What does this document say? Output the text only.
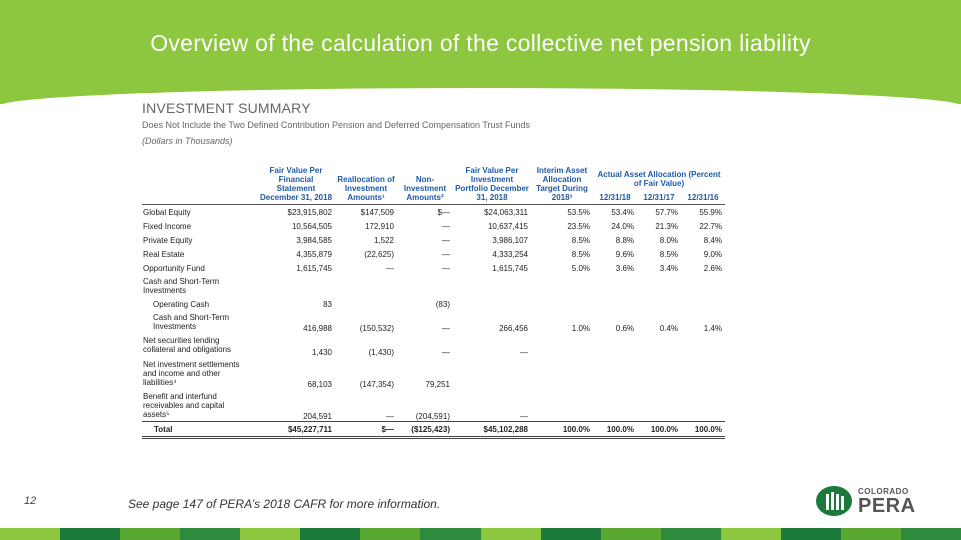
Overview of the calculation of the collective net pension liability
INVESTMENT SUMMARY
Does Not Include the Two Defined Contribution Pension and Deferred Compensation Trust Funds
(Dollars in Thousands)
	Fair Value Per Financial Statement December 31, 2018	Reallocation of Investment Amounts¹	Non-Investment Amounts²	Fair Value Per Investment Portfolio December 31, 2018	Interim Asset Allocation Target During 2018³	Actual Asset Allocation (Percent of Fair Value)		
						12/31/18	12/31/17	12/31/16
Global Equity	$23,915,802	$147,509	$—	$24,063,311	53.5%	53.4%	57.7%	55.9%
Fixed Income	10,564,505	172,910	—	10,637,415	23.5%	24.0%	21.3%	22.7%
Private Equity	3,984,585	1,522	—	3,986,107	8.5%	8.8%	8.0%	8.4%
Real Estate	4,355,879	(22,625)	—	4,333,254	8.5%	9.6%	8.5%	9.0%
Opportunity Fund	1,615,745	—	—	1,615,745	5.0%	3.6%	3.4%	2.6%
Cash and Short-Term
Investments								
Operating Cash	83		(83)					
Cash and Short-Term
Investments	416,988	(150,532)	—	266,456	1.0%	0.6%	0.4%	1.4%
Net securities lending
collateral and obligations	1,430	(1,430)	—	—				
Net investment settlements
and income and other
liabilities⁴	68,103	(147,354)	79,251					
Benefit and interfund
receivables and capital
assets⁵	204,591	—	(204,591)	—				
Total	$45,227,711	$—	($125,423)	$45,102,288	100.0%	100.0%	100.0%	100.0%
12	See page 147 of PERA’s 2018 CAFR for more information.
COLORADO
PERA
